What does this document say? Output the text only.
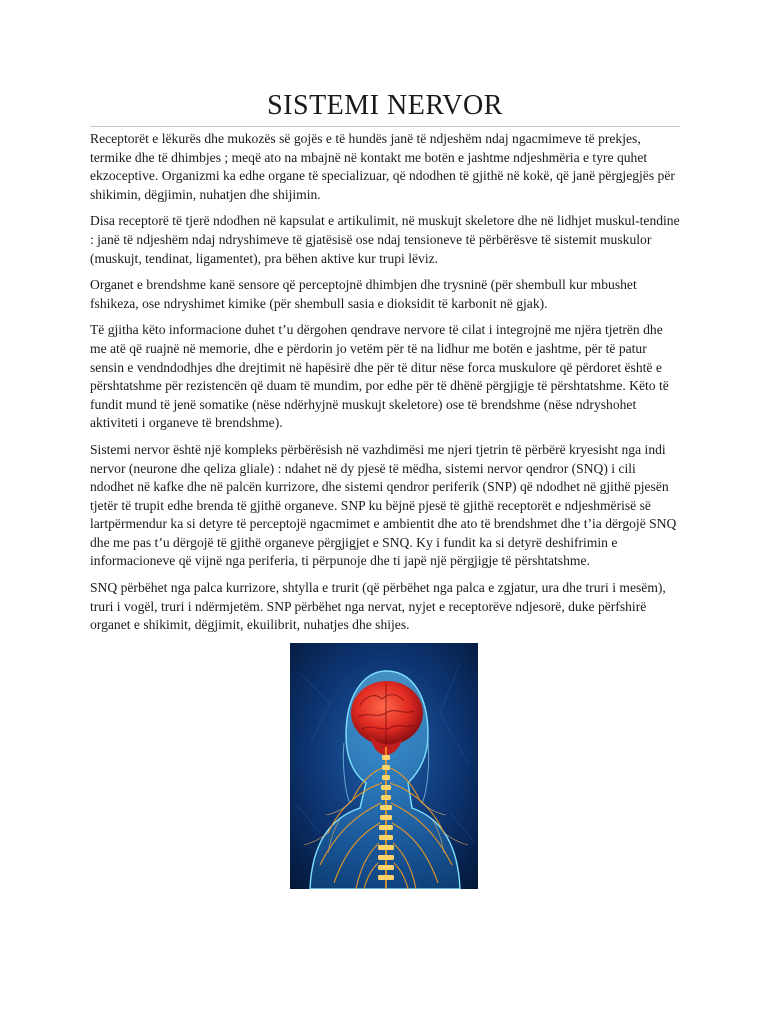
SISTEMI NERVOR

Receptorët e lëkurës dhe mukozës së gojës e të hundës janë të ndjeshëm ndaj ngacmimeve të prekjes, termike dhe të dhimbjes ; meqë ato na mbajnë në kontakt me botën e jashtme ndjeshmëria e tyre quhet ekzoceptive. Organizmi ka edhe organe të specializuar, që ndodhen të gjithë në kokë, që janë përgjegjës për shikimin, dëgjimin, nuhatjen dhe shijimin.

Disa receptorë të tjerë ndodhen në kapsulat e artikulimit, në muskujt skeletore dhe në lidhjet muskul-tendine : janë të ndjeshëm ndaj ndryshimeve të gjatësisë ose ndaj tensioneve të përbërësve të sistemit muskulor (muskujt, tendinat, ligamentet), pra bëhen aktive kur trupi lëviz.

Organet e brendshme kanë sensore që perceptojnë dhimbjen dhe trysninë (për shembull kur mbushet fshikeza, ose ndryshimet kimike (për shembull sasia e dioksidit të karbonit në gjak).

Të gjitha këto informacione duhet t’u dërgohen qendrave nervore të cilat i integrojnë me njëra tjetrën dhe me atë që ruajnë në memorie, dhe e përdorin jo vetëm për të na lidhur me botën e jashtme, për të patur sensin e vendndodhjes dhe drejtimit në hapësirë dhe për të ditur nëse forca muskulore që përdoret është e përshtatshme për rezistencën që duam të mundim, por edhe për të dhënë përgjigje të përshtatshme. Këto të fundit mund të jenë somatike (nëse ndërhyjnë muskujt skeletore) ose të brendshme (nëse ndryshohet aktiviteti i organeve të brendshme).

Sistemi nervor është një kompleks përbërësish në vazhdimësi me njeri tjetrin të përbërë kryesisht nga indi nervor (neurone dhe qeliza gliale) : ndahet në dy pjesë të mëdha, sistemi nervor qendror (SNQ) i cili ndodhet në kafke dhe në palcën kurrizore, dhe sistemi qendror periferik (SNP) që ndodhet në gjithë pjesën tjetër të trupit edhe brenda të gjithë organeve. SNP ku bëjnë pjesë të gjithë receptorët e ndjeshmërisë së lartpërmendur ka si detyre të perceptojë ngacmimet e ambientit dhe ato të brendshmet dhe t’ia dërgojë SNQ dhe me pas t’u dërgojë të gjithë organeve përgjigjet e SNQ. Ky i fundit ka si detyrë deshifrimin e informacioneve që vijnë nga periferia, ti përpunoje dhe ti japë një përgjigje të përshtatshme.

SNQ përbëhet nga palca kurrizore, shtylla e trurit (që përbëhet nga palca e zgjatur, ura dhe truri i mesëm), truri i vogël, truri i ndërmjetëm. SNP përbëhet nga nervat, nyjet e receptorëve ndjesorë, duke përfshirë organet e shikimit, dëgjimit, ekuilibrit, nuhatjes dhe shijes.
